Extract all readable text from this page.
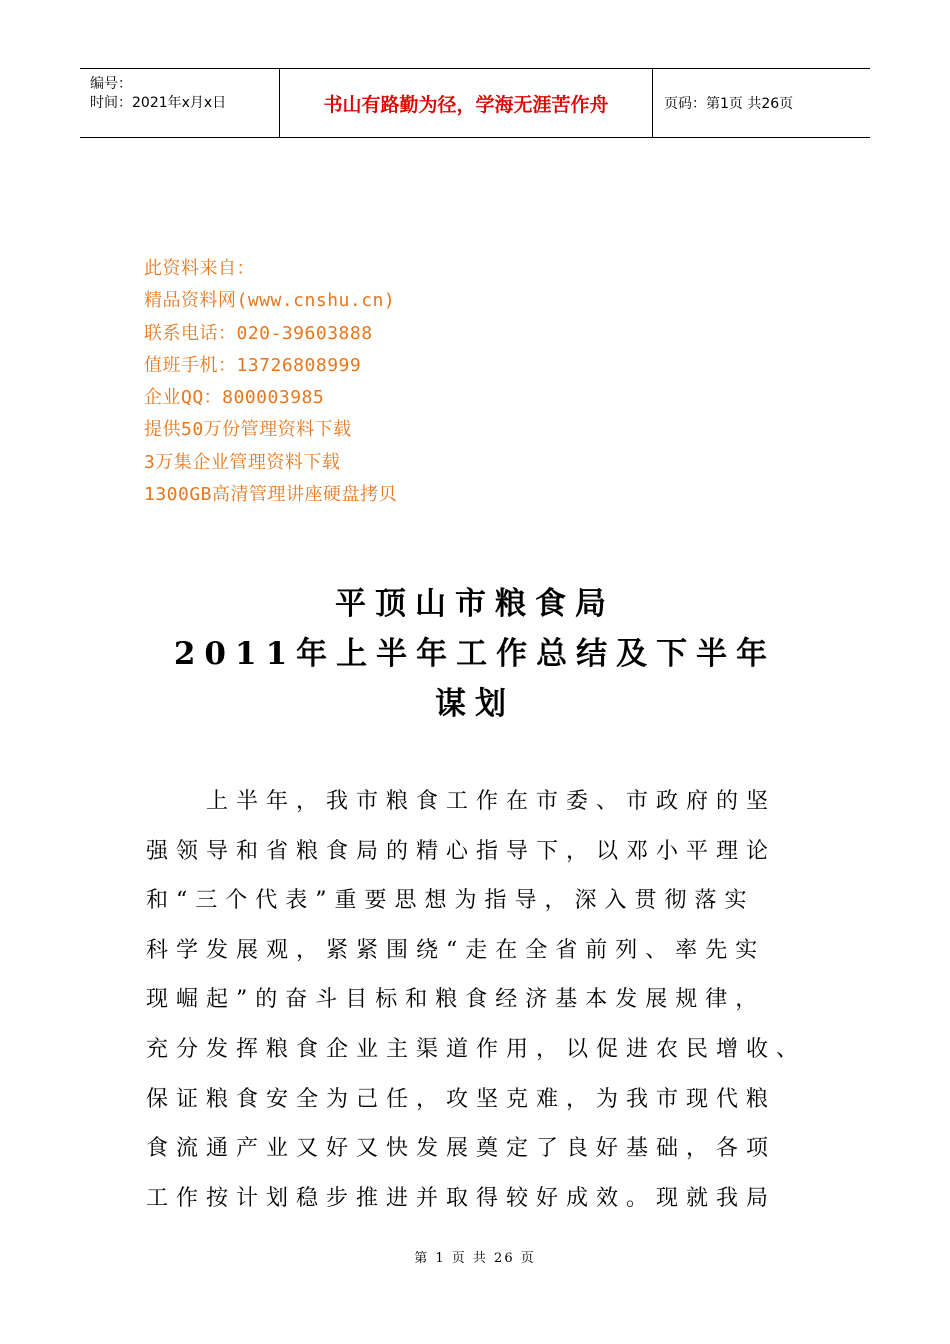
编号：
时间：2021年x月x日	书山有路勤为径，学海无涯苦作舟	页码：第1页 共26页
此资料来自：
精品资料网(www.cnshu.cn)
联系电话：020-39603888
值班手机：13726808999
企业QQ：800003985
提供50万份管理资料下载
3万集企业管理资料下载
1300GB高清管理讲座硬盘拷贝
平顶山市粮食局
2011年上半年工作总结及下半年
谋划
上半年，我市粮食工作在市委、市政府的坚
强领导和省粮食局的精心指导下，以邓小平理论
和“三个代表”重要思想为指导，深入贯彻落实
科学发展观，紧紧围绕“走在全省前列、率先实
现崛起”的奋斗目标和粮食经济基本发展规律，
充分发挥粮食企业主渠道作用，以促进农民增收、
保证粮食安全为己任，攻坚克难，为我市现代粮
食流通产业又好又快发展奠定了良好基础，各项
工作按计划稳步推进并取得较好成效。现就我局
第 1 页 共 26 页
